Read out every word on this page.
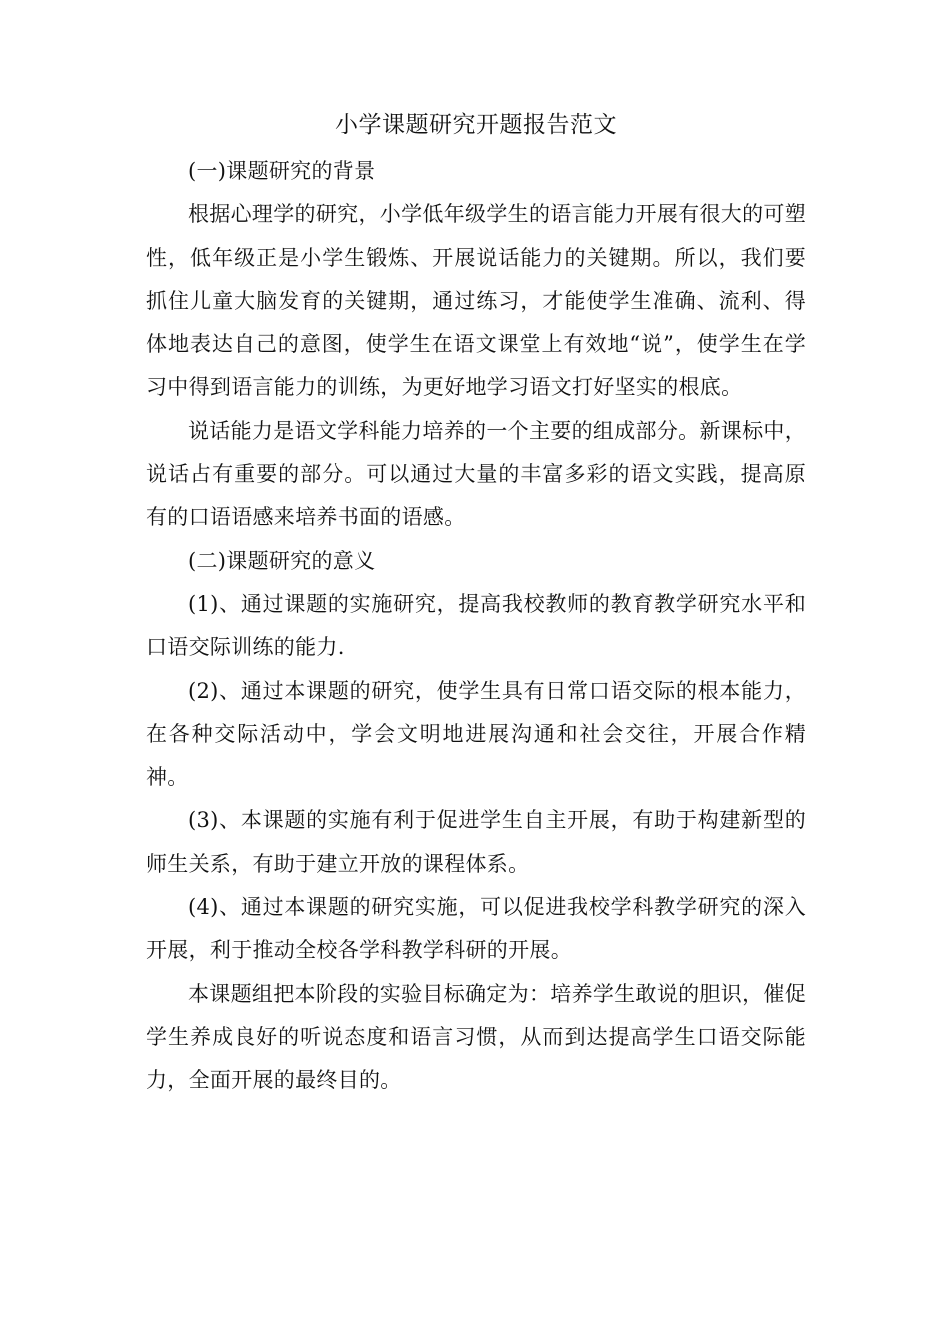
小学课题研究开题报告范文

(一)课题研究的背景

根据心理学的研究，小学低年级学生的语言能力开展有很大的可塑性，低年级正是小学生锻炼、开展说话能力的关键期。所以，我们要抓住儿童大脑发育的关键期，通过练习，才能使学生准确、流利、得体地表达自己的意图，使学生在语文课堂上有效地“说”，使学生在学习中得到语言能力的训练，为更好地学习语文打好坚实的根底。

说话能力是语文学科能力培养的一个主要的组成部分。新课标中，说话占有重要的部分。可以通过大量的丰富多彩的语文实践，提高原有的口语语感来培养书面的语感。

(二)课题研究的意义

(1)、通过课题的实施研究，提高我校教师的教育教学研究水平和口语交际训练的能力.

(2)、通过本课题的研究，使学生具有日常口语交际的根本能力，在各种交际活动中，学会文明地进展沟通和社会交往，开展合作精神。

(3)、本课题的实施有利于促进学生自主开展，有助于构建新型的师生关系，有助于建立开放的课程体系。

(4)、通过本课题的研究实施，可以促进我校学科教学研究的深入开展，利于推动全校各学科教学科研的开展。

本课题组把本阶段的实验目标确定为：培养学生敢说的胆识，催促学生养成良好的听说态度和语言习惯，从而到达提高学生口语交际能力，全面开展的最终目的。
